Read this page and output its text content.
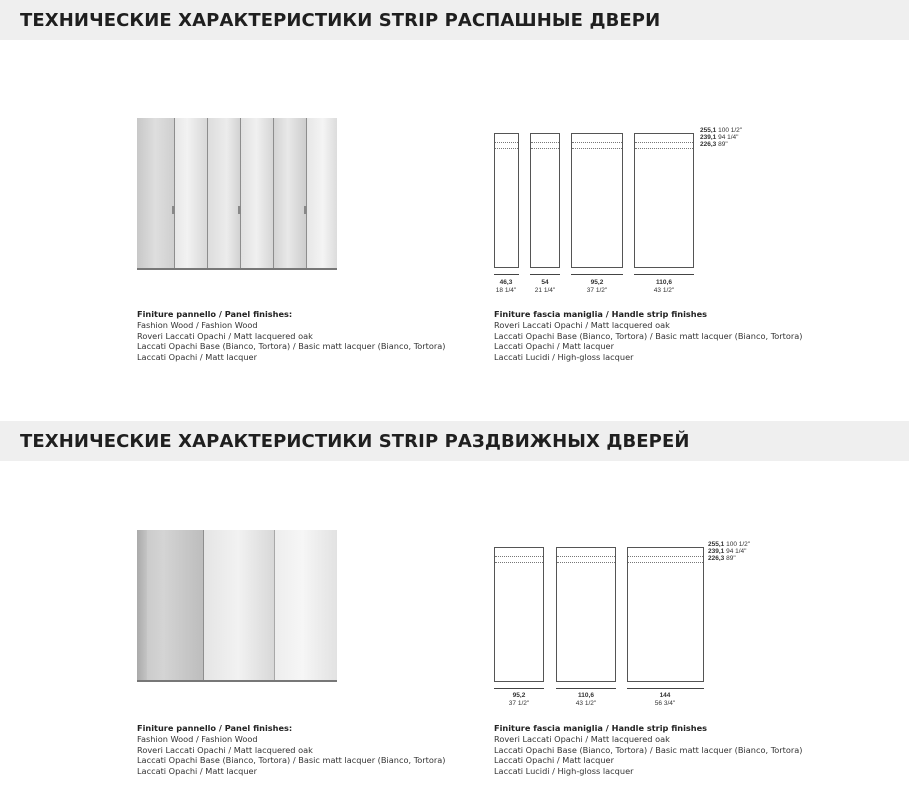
ТЕХНИЧЕСКИЕ ХАРАКТЕРИСТИКИ STRIP РАСПАШНЫЕ ДВЕРИ
255,1 100 1/2"
239,1 94 1/4"
226,3 89"
46,3
18 1/4"
54
21 1/4"
95,2
37 1/2"
110,6
43 1/2"
Finiture pannello / Panel finishes:
Fashion Wood / Fashion Wood
Roveri Laccati Opachi / Matt lacquered oak
Laccati Opachi Base (Bianco, Tortora) / Basic matt lacquer (Bianco, Tortora)
Laccati Opachi / Matt lacquer
Finiture fascia maniglia / Handle strip finishes
Roveri Laccati Opachi / Matt lacquered oak
Laccati Opachi Base (Bianco, Tortora) / Basic matt lacquer (Bianco, Tortora)
Laccati Opachi / Matt lacquer
Laccati Lucidi / High-gloss lacquer
ТЕХНИЧЕСКИЕ ХАРАКТЕРИСТИКИ STRIP РАЗДВИЖНЫХ ДВЕРЕЙ
255,1 100 1/2"
239,1 94 1/4"
226,3 89"
95,2
37 1/2"
110,6
43 1/2"
144
56 3/4"
Finiture pannello / Panel finishes:
Fashion Wood / Fashion Wood
Roveri Laccati Opachi / Matt lacquered oak
Laccati Opachi Base (Bianco, Tortora) / Basic matt lacquer (Bianco, Tortora)
Laccati Opachi / Matt lacquer
Finiture fascia maniglia / Handle strip finishes
Roveri Laccati Opachi / Matt lacquered oak
Laccati Opachi Base (Bianco, Tortora) / Basic matt lacquer (Bianco, Tortora)
Laccati Opachi / Matt lacquer
Laccati Lucidi / High-gloss lacquer
